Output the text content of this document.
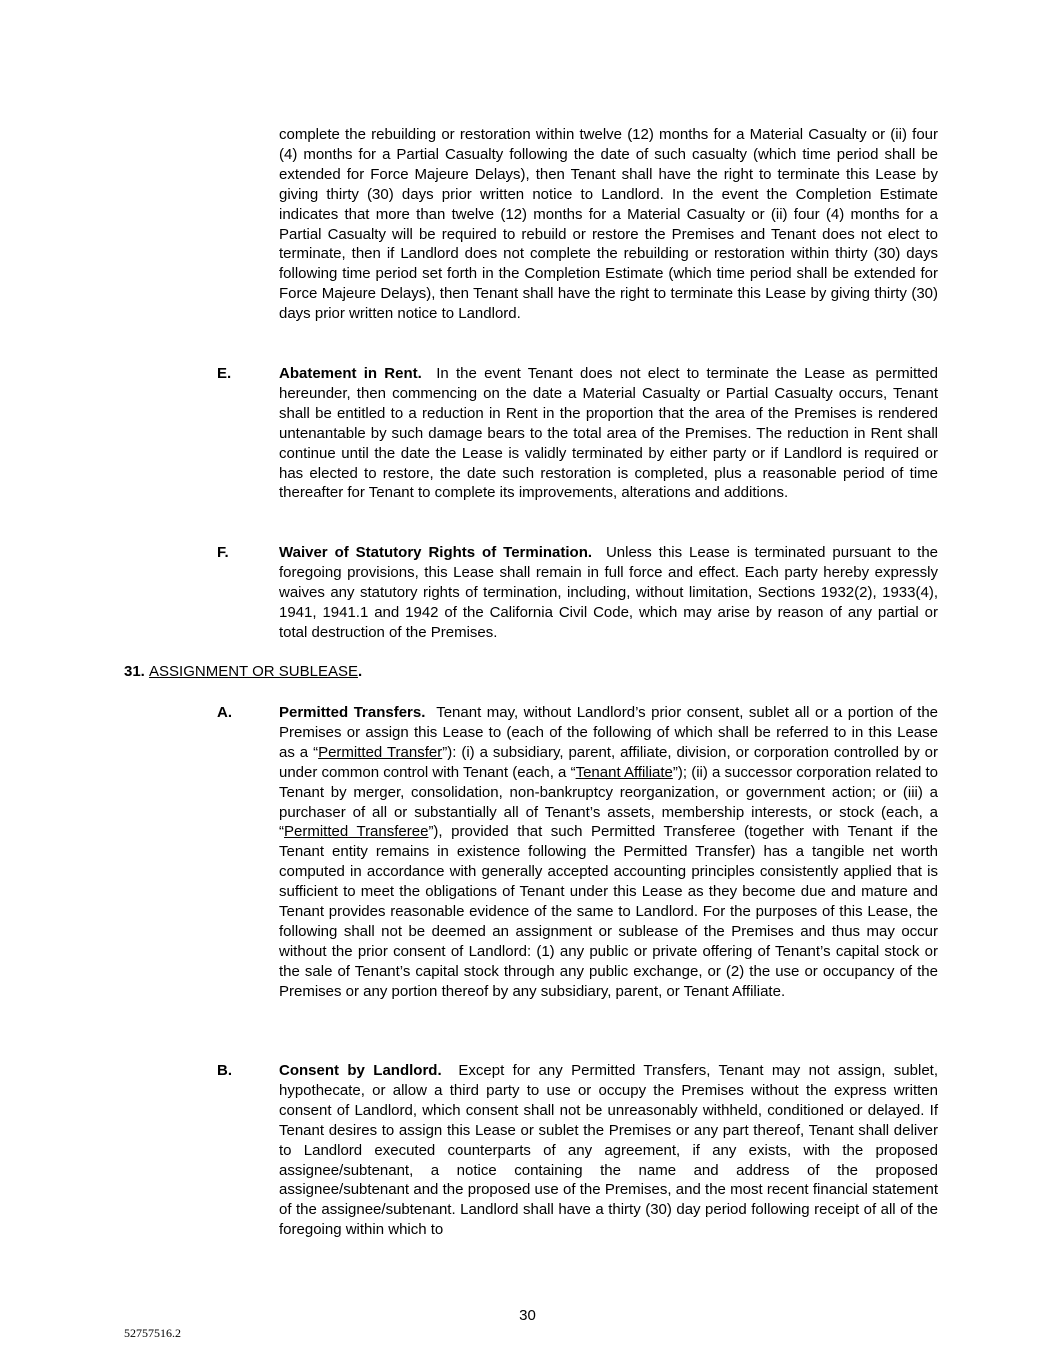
complete the rebuilding or restoration within twelve (12) months for a Material Casualty or (ii) four (4) months for a Partial Casualty following the date of such casualty (which time period shall be extended for Force Majeure Delays), then Tenant shall have the right to terminate this Lease by giving thirty (30) days prior written notice to Landlord. In the event the Completion Estimate indicates that more than twelve (12) months for a Material Casualty or (ii) four (4) months for a Partial Casualty will be required to rebuild or restore the Premises and Tenant does not elect to terminate, then if Landlord does not complete the rebuilding or restoration within thirty (30) days following time period set forth in the Completion Estimate (which time period shall be extended for Force Majeure Delays), then Tenant shall have the right to terminate this Lease by giving thirty (30) days prior written notice to Landlord.

E.	Abatement in Rent. In the event Tenant does not elect to terminate the Lease as permitted hereunder, then commencing on the date a Material Casualty or Partial Casualty occurs, Tenant shall be entitled to a reduction in Rent in the proportion that the area of the Premises is rendered untenantable by such damage bears to the total area of the Premises. The reduction in Rent shall continue until the date the Lease is validly terminated by either party or if Landlord is required or has elected to restore, the date such restoration is completed, plus a reasonable period of time thereafter for Tenant to complete its improvements, alterations and additions.

F.	Waiver of Statutory Rights of Termination. Unless this Lease is terminated pursuant to the foregoing provisions, this Lease shall remain in full force and effect. Each party hereby expressly waives any statutory rights of termination, including, without limitation, Sections 1932(2), 1933(4), 1941, 1941.1 and 1942 of the California Civil Code, which may arise by reason of any partial or total destruction of the Premises.

31. ASSIGNMENT OR SUBLEASE.
A.	Permitted Transfers. Tenant may, without Landlord’s prior consent, sublet all or a portion of the Premises or assign this Lease to (each of the following of which shall be referred to in this Lease as a “Permitted Transfer”): (i) a subsidiary, parent, affiliate, division, or corporation controlled by or under common control with Tenant (each, a “Tenant Affiliate”); (ii) a successor corporation related to Tenant by merger, consolidation, non-bankruptcy reorganization, or government action; or (iii) a purchaser of all or substantially all of Tenant’s assets, membership interests, or stock (each, a “Permitted Transferee”), provided that such Permitted Transferee (together with Tenant if the Tenant entity remains in existence following the Permitted Transfer) has a tangible net worth computed in accordance with generally accepted accounting principles consistently applied that is sufficient to meet the obligations of Tenant under this Lease as they become due and mature and Tenant provides reasonable evidence of the same to Landlord. For the purposes of this Lease, the following shall not be deemed an assignment or sublease of the Premises and thus may occur without the prior consent of Landlord: (1) any public or private offering of Tenant’s capital stock or the sale of Tenant’s capital stock through any public exchange, or (2) the use or occupancy of the Premises or any portion thereof by any subsidiary, parent, or Tenant Affiliate.

B.	Consent by Landlord. Except for any Permitted Transfers, Tenant may not assign, sublet, hypothecate, or allow a third party to use or occupy the Premises without the express written consent of Landlord, which consent shall not be unreasonably withheld, conditioned or delayed. If Tenant desires to assign this Lease or sublet the Premises or any part thereof, Tenant shall deliver to Landlord executed counterparts of any agreement, if any exists, with the proposed assignee/subtenant, a notice containing the name and address of the proposed assignee/subtenant and the proposed use of the Premises, and the most recent financial statement of the assignee/subtenant. Landlord shall have a thirty (30) day period following receipt of all of the foregoing within which to

30
52757516.2
